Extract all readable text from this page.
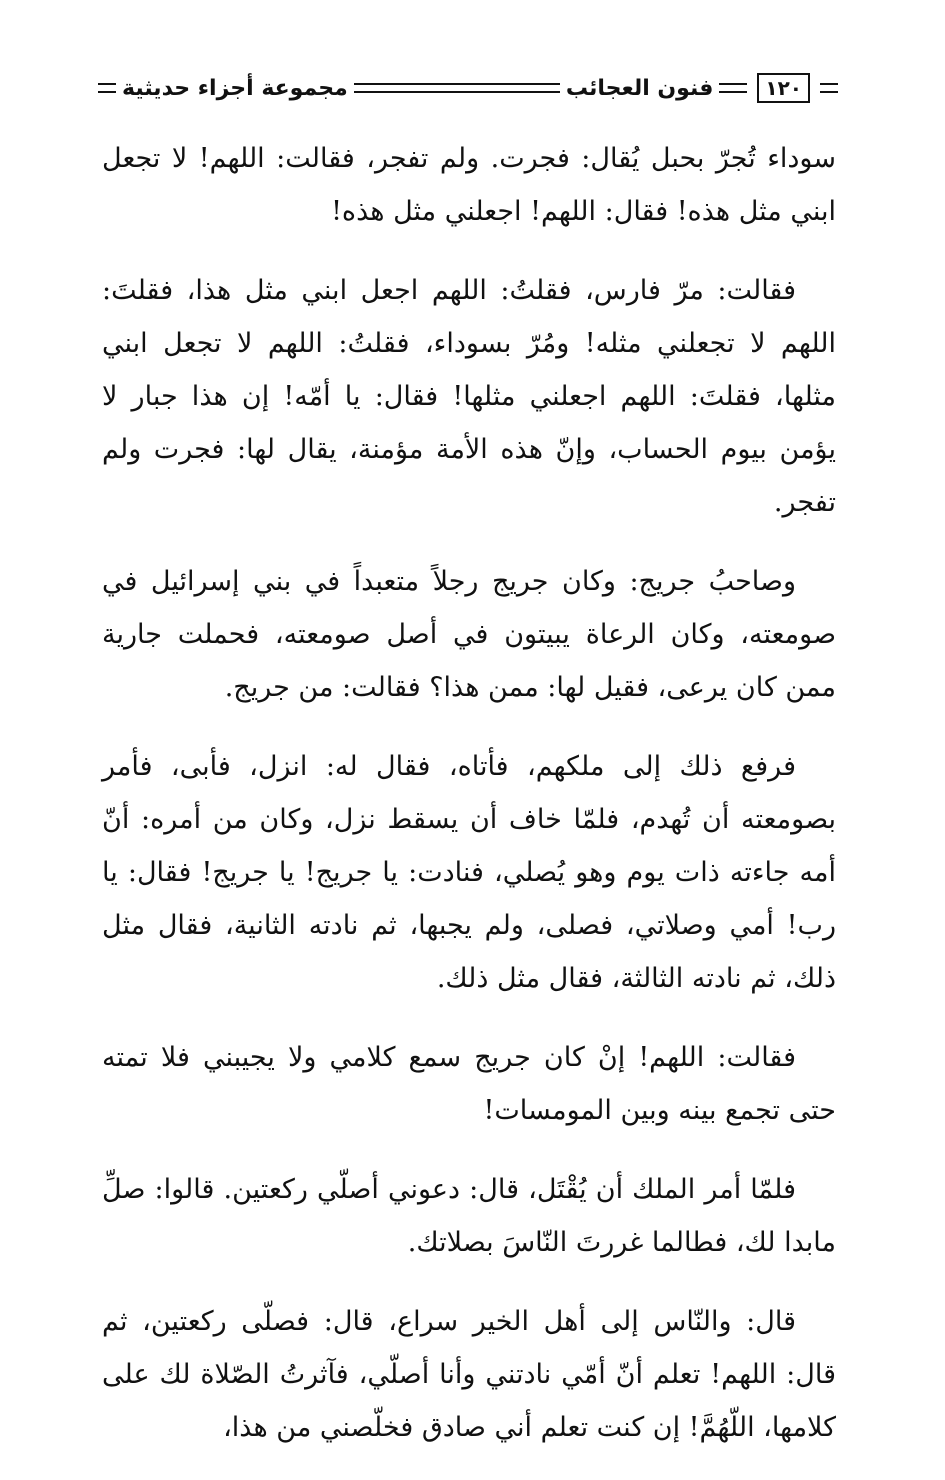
١٢٠
فنون العجائب
مجموعة أجزاء حديثية

سوداء تُجرّ بحبل يُقال: فجرت. ولم تفجر، فقالت: اللهم! لا تجعل ابني مثل هذه! فقال: اللهم! اجعلني مثل هذه!

فقالت: مرّ فارس، فقلتُ: اللهم اجعل ابني مثل هذا، فقلتَ: اللهم لا تجعلني مثله! ومُرّ بسوداء، فقلتُ: اللهم لا تجعل ابني مثلها، فقلتَ: اللهم اجعلني مثلها! فقال: يا أمّه! إن هذا جبار لا يؤمن بيوم الحساب، وإنّ هذه الأمة مؤمنة، يقال لها: فجرت ولم تفجر.

وصاحبُ جريج: وكان جريج رجلاً متعبداً في بني إسرائيل في صومعته، وكان الرعاة يبيتون في أصل صومعته، فحملت جارية ممن كان يرعى، فقيل لها: ممن هذا؟ فقالت: من جريج.

فرفع ذلك إلى ملكهم، فأتاه، فقال له: انزل، فأبى، فأمر بصومعته أن تُهدم، فلمّا خاف أن يسقط نزل، وكان من أمره: أنّ أمه جاءته ذات يوم وهو يُصلي، فنادت: يا جريج! يا جريج! فقال: يا رب! أمي وصلاتي، فصلى، ولم يجبها، ثم نادته الثانية، فقال مثل ذلك، ثم نادته الثالثة، فقال مثل ذلك.

فقالت: اللهم! إنْ كان جريج سمع كلامي ولا يجيبني فلا تمته حتى تجمع بينه وبين المومسات!

فلمّا أمر الملك أن يُقْتَل، قال: دعوني أصلّي ركعتين. قالوا: صلِّ مابدا لك، فطالما غررتَ النّاسَ بصلاتك.

قال: والنّاس إلى أهل الخير سراع، قال: فصلّى ركعتين، ثم قال: اللهم! تعلم أنّ أمّي نادتني وأنا أصلّي، فآثرتُ الصّلاة لك على كلامها، اللّهُمَّ! إن كنت تعلم أني صادق فخلّصني من هذا،
